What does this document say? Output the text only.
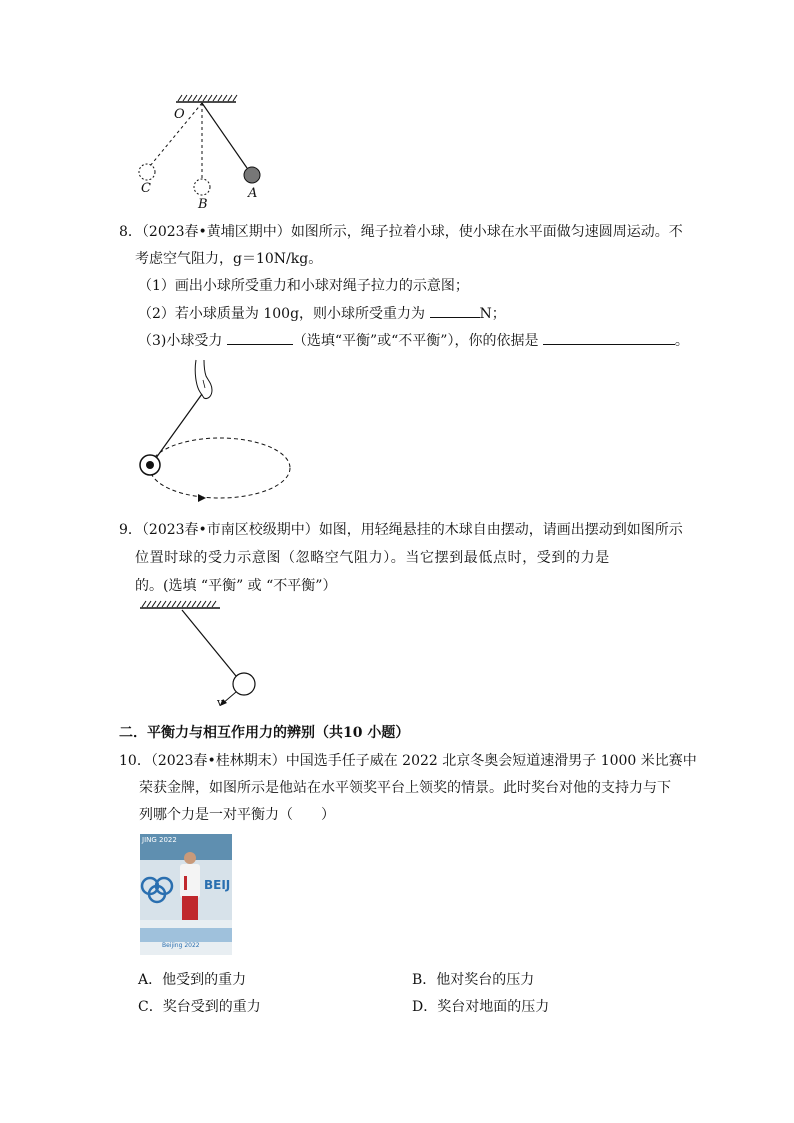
O
C
B
A
8．（2023春•黄埔区期中）如图所示，绳子拉着小球，使小球在水平面做匀速圆周运动。不
考虑空气阻力，g＝10N/kg。
（1）画出小球所受重力和小球对绳子拉力的示意图；
（2）若小球质量为 100g，则小球所受重力为	N；
（3)小球受力	（选填“平衡”或“不平衡”），你的依据是	。
9．（2023春•市南区校级期中）如图，用轻绳悬挂的木球自由摆动，请画出摆动到如图所示
位置时球的受力示意图（忽略空气阻力）。当它摆到最低点时，受到的力是
的。(选填 “平衡” 或 “不平衡”）
v
二．平衡力与相互作用力的辨别（共10 小题）
10．（2023春•桂林期末）中国选手任子威在 2022 北京冬奥会短道速滑男子 1000 米比赛中
荣获金牌，如图所示是他站在水平领奖平台上领奖的情景。此时奖台对他的支持力与下
列哪个力是一对平衡力（　　）
JING 2022
BEIJ
Beijing 2022
A．他受到的重力	B．他对奖台的压力
C．奖台受到的重力	D．奖台对地面的压力
